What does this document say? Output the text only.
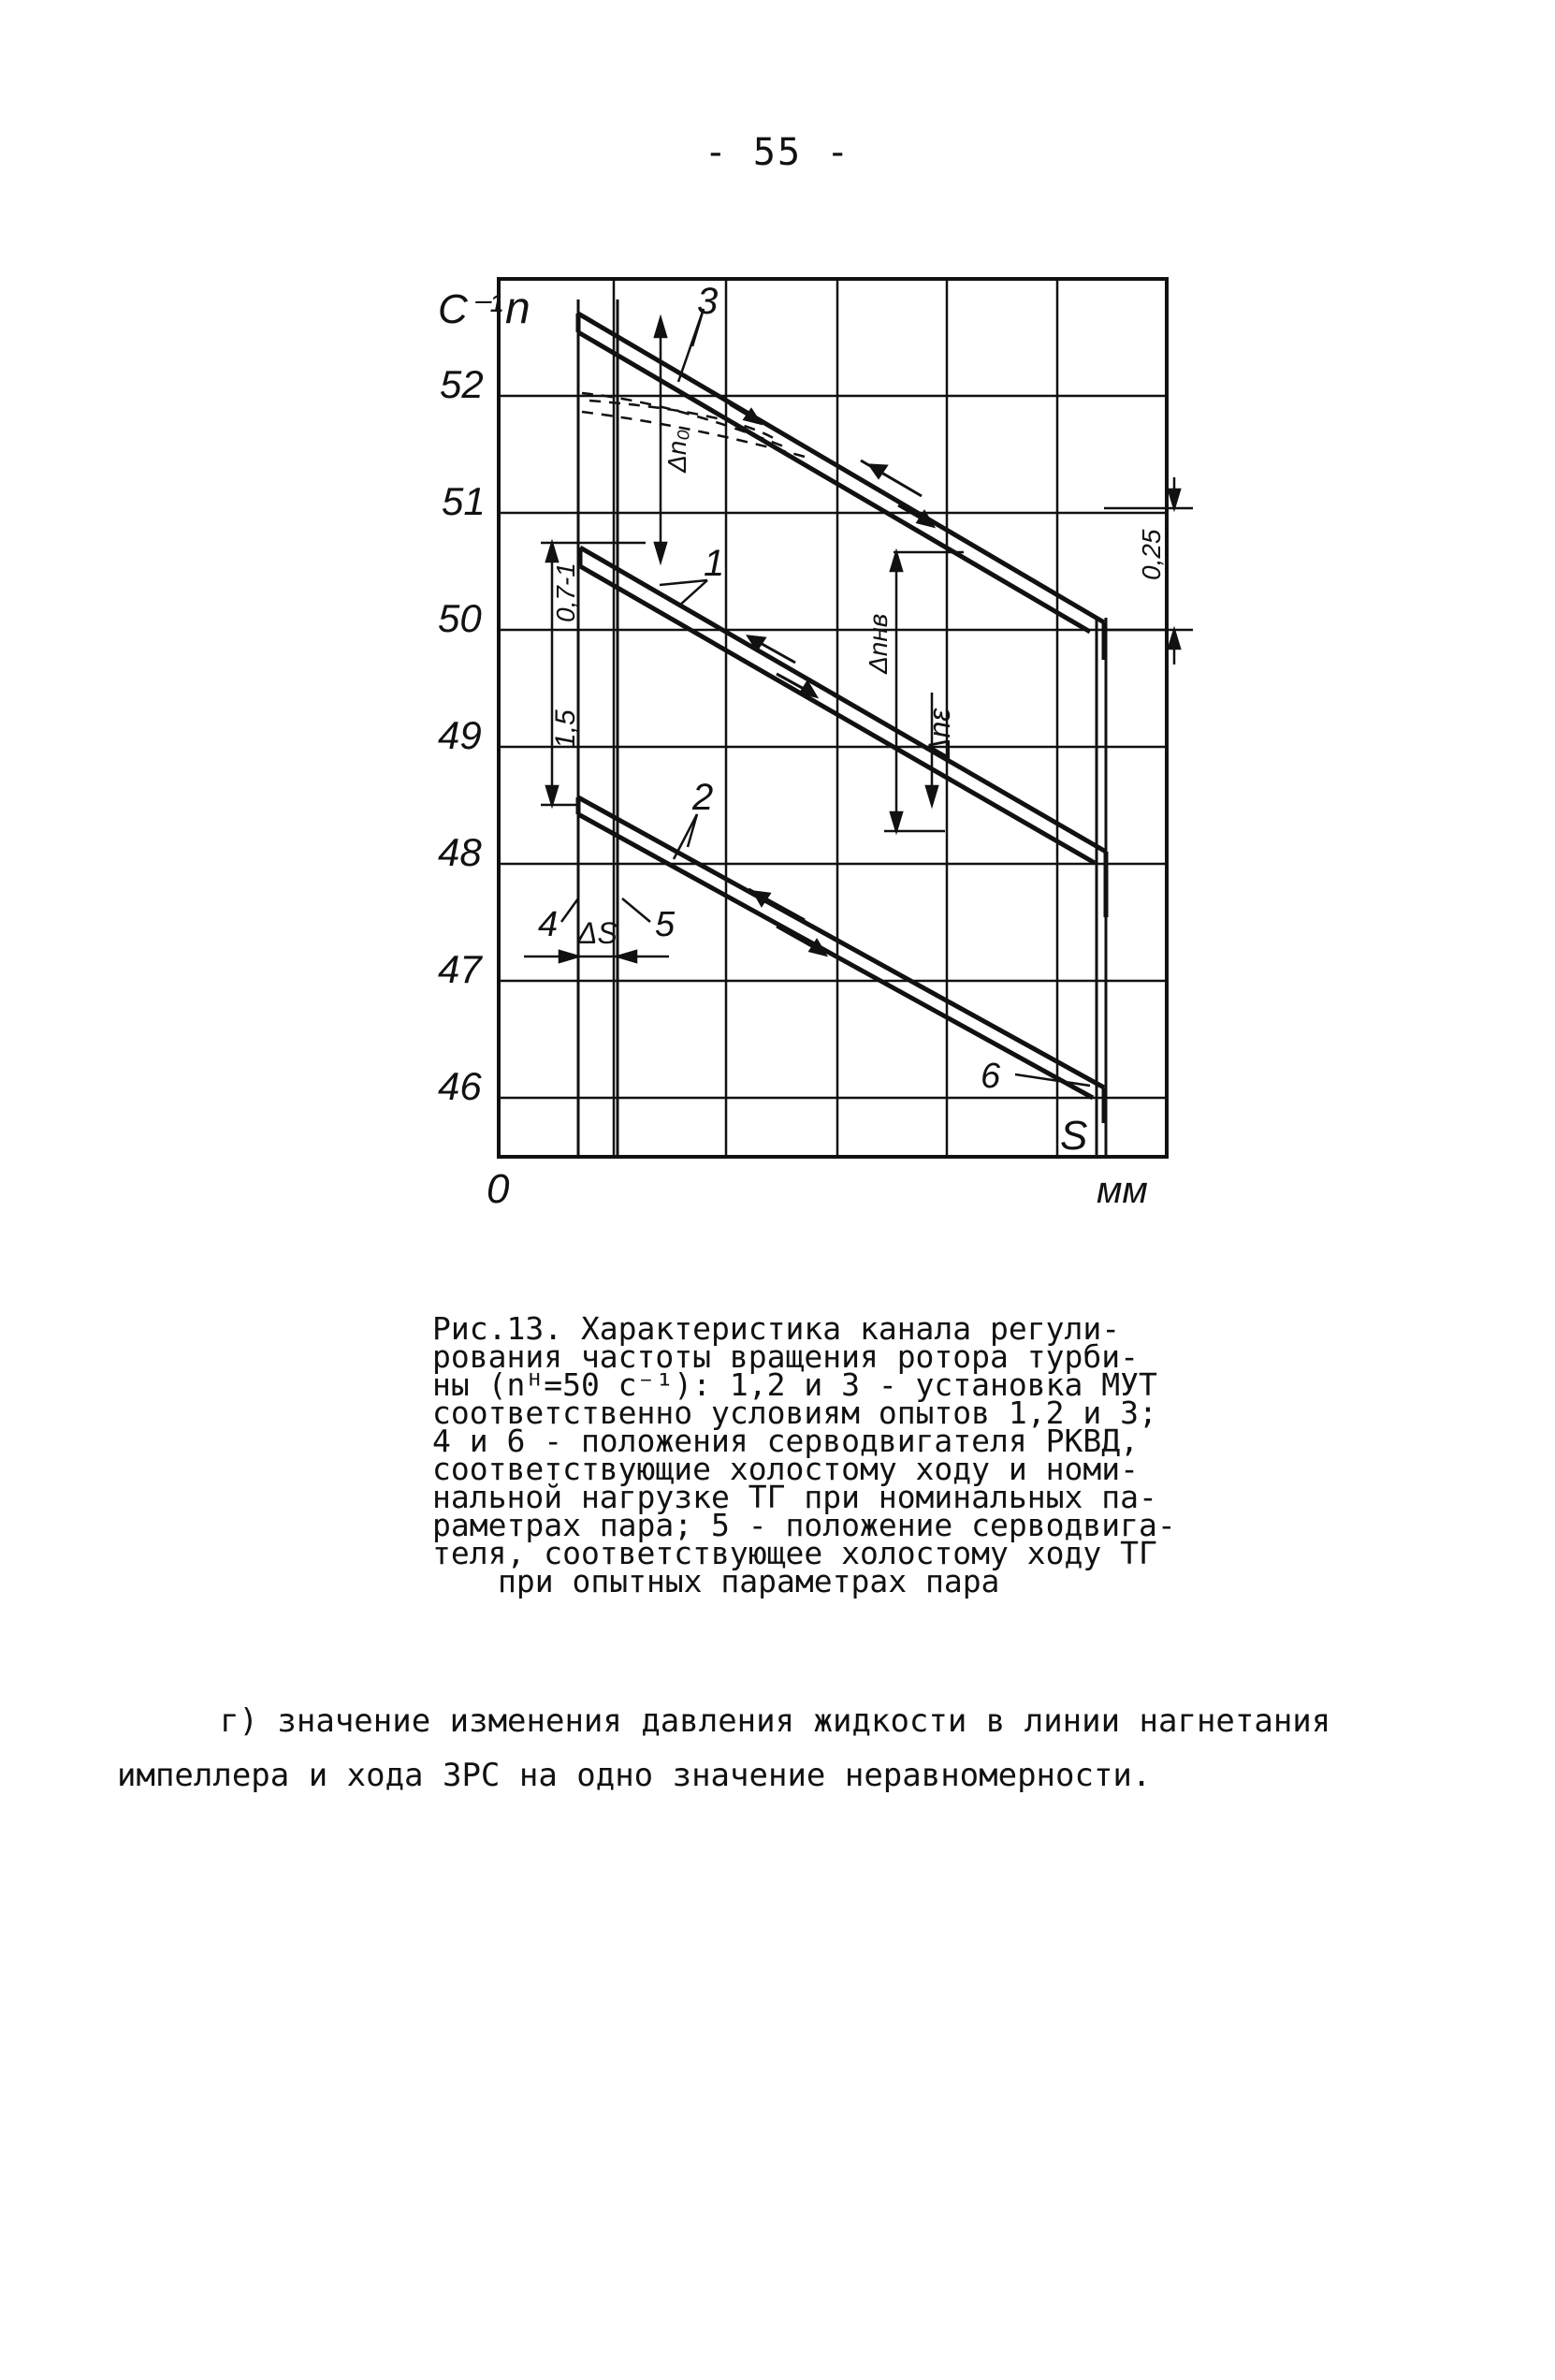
- 55 -
С⁻¹ n
52
51
50
49
48
47
46
0	мм
S
3
1
2
4	5
6
Δn₀
0,25
0,7-1
1,5
Δnнв
Δnε
ΔS
Рис.13. Характеристика канала регули-
рования частоты вращения ротора турби-
ны (nᴴ=50 с⁻¹): 1,2 и 3 - установка МУТ
соответственно условиям опытов 1,2 и 3;
4 и 6 - положения серводвигателя РКВД,
соответствующие холостому ходу и номи-
нальной нагрузке ТГ при номинальных па-
раметрах пара; 5 - положение серводвига-
теля, соответствующее холостому ходу ТГ
при опытных параметрах пара
г) значение изменения давления жидкости в линии нагнетания
импеллера и хода ЗРС на одно значение неравномерности.
